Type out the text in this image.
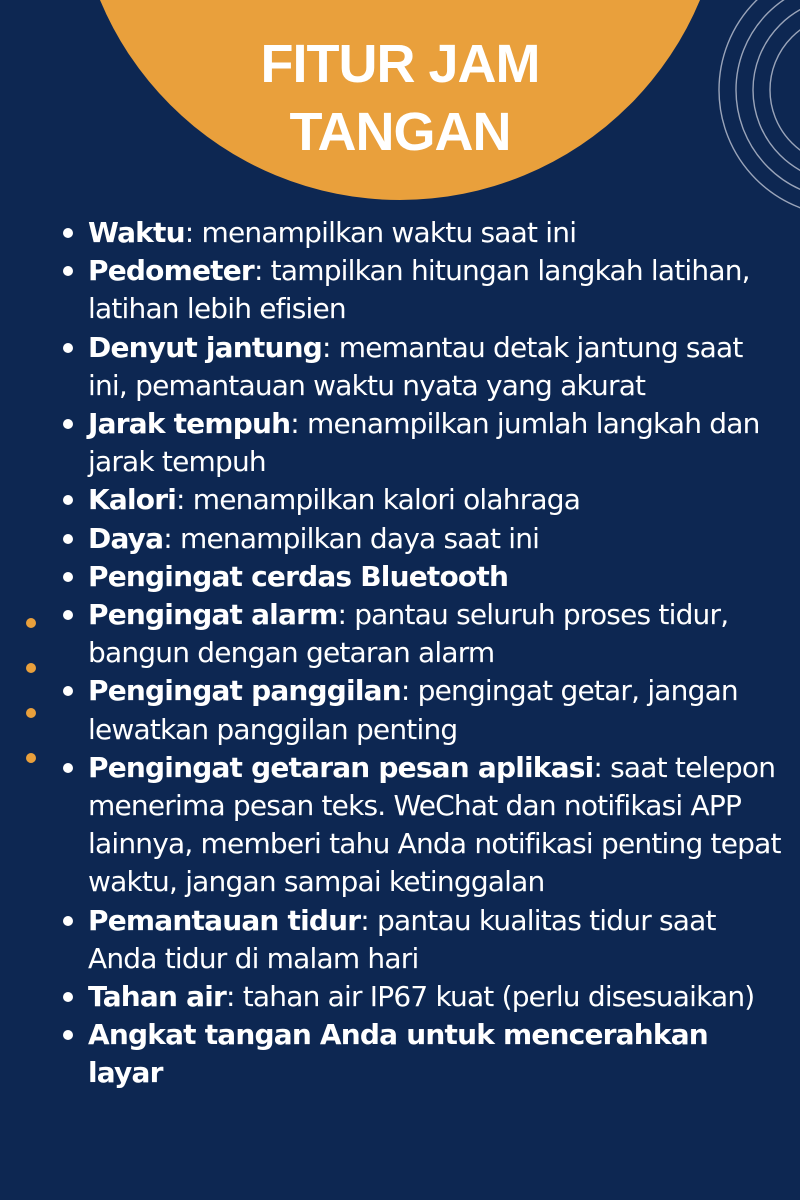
FITUR JAM
TANGAN
Waktu: menampilkan waktu saat ini
Pedometer: tampilkan hitungan langkah latihan, latihan lebih efisien
Denyut jantung: memantau detak jantung saat ini, pemantauan waktu nyata yang akurat
Jarak tempuh: menampilkan jumlah langkah dan jarak tempuh
Kalori: menampilkan kalori olahraga
Daya: menampilkan daya saat ini
Pengingat cerdas Bluetooth
Pengingat alarm: pantau seluruh proses tidur, bangun dengan getaran alarm
Pengingat panggilan: pengingat getar, jangan lewatkan panggilan penting
Pengingat getaran pesan aplikasi: saat telepon menerima pesan teks. WeChat dan notifikasi APP lainnya, memberi tahu Anda notifikasi penting tepat waktu, jangan sampai ketinggalan
Pemantauan tidur: pantau kualitas tidur saat Anda tidur di malam hari
Tahan air: tahan air IP67 kuat (perlu disesuaikan)
Angkat tangan Anda untuk mencerahkan layar
